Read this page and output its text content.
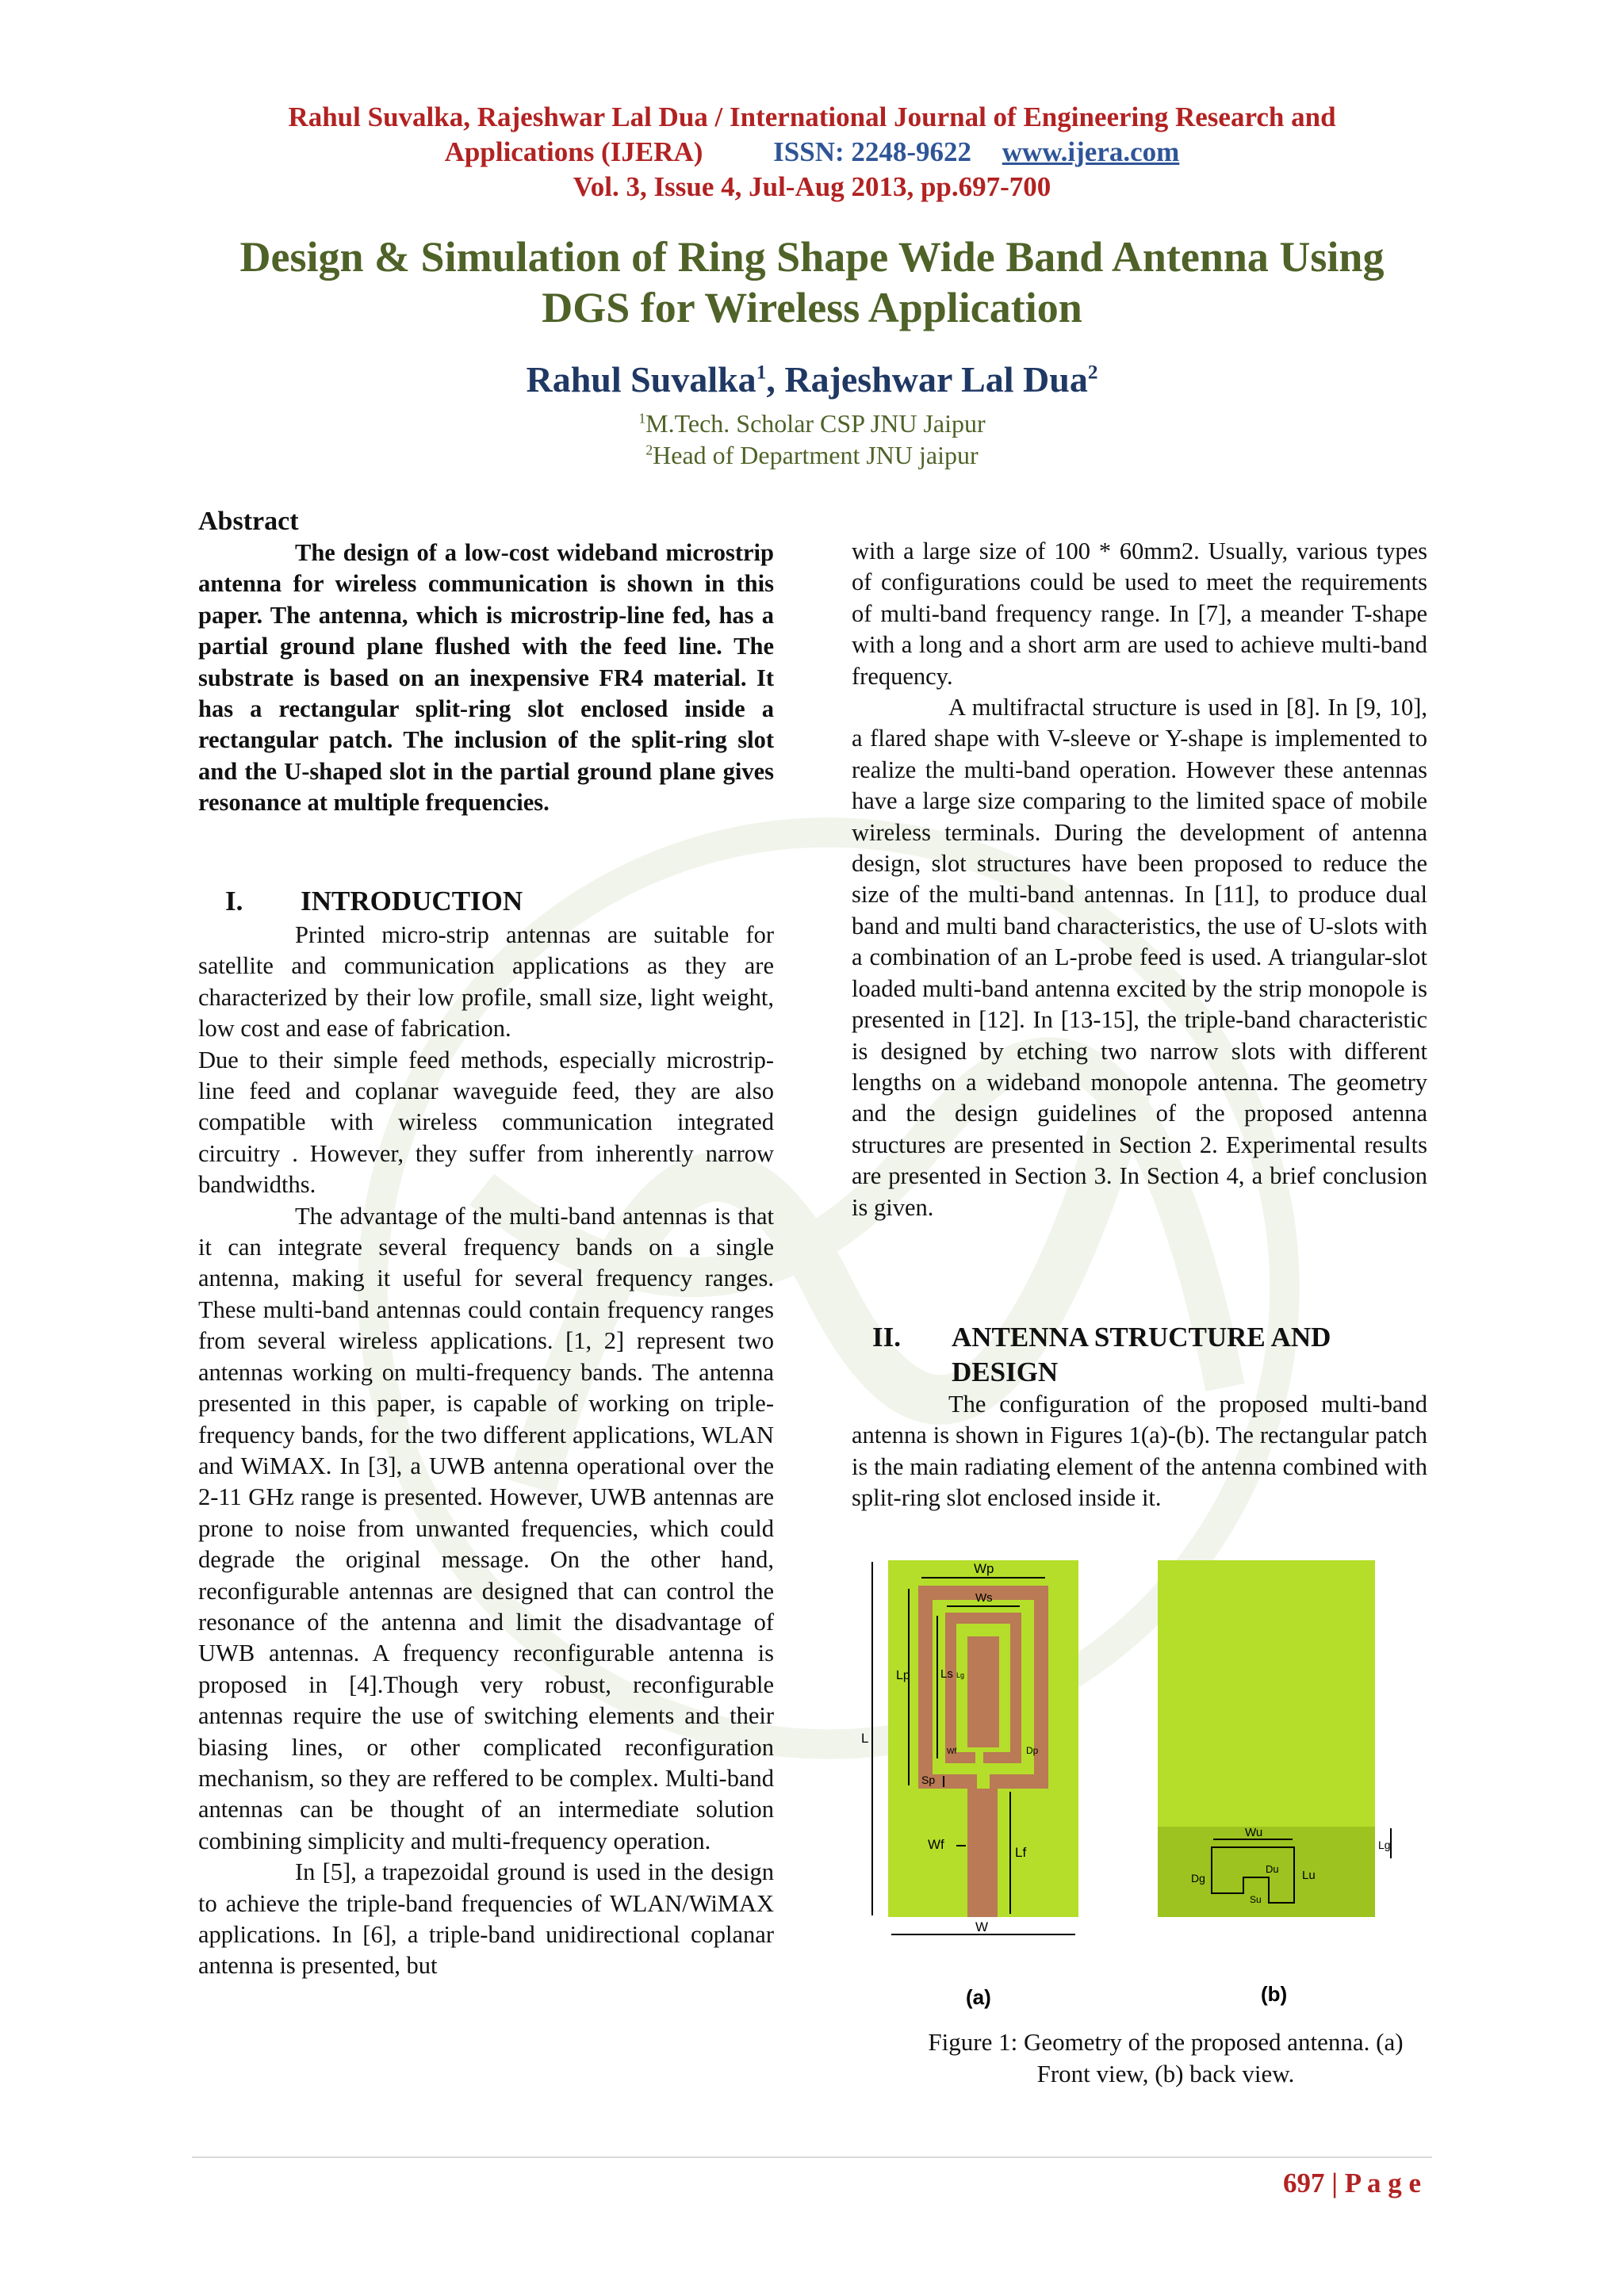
Rahul Suvalka, Rajeshwar Lal Dua / International Journal of Engineering Research and
Applications (IJERA)	ISSN: 2248-9622 www.ijera.com
Vol. 3, Issue 4, Jul-Aug 2013, pp.697-700
Design & Simulation of Ring Shape Wide Band Antenna Using
DGS for Wireless Application
Rahul Suvalka$^1$, Rajeshwar Lal Dua$^2$
$^1$M.Tech. Scholar CSP JNU Jaipur
$^2$Head of Department JNU jaipur
Abstract

The design of a low-cost wideband microstrip antenna for wireless communication is shown in this paper. The antenna, which is microstrip-line fed, has a partial ground plane flushed with the feed line. The substrate is based on an inexpensive FR4 material. It has a rectangular split-ring slot enclosed inside a rectangular patch. The inclusion of the split-ring slot and the U-shaped slot in the partial ground plane gives resonance at multiple frequencies.

I. INTRODUCTION

Printed micro-strip antennas are suitable for satellite and communication applications as they are characterized by their low profile, small size, light weight, low cost and ease of fabrication.

Due to their simple feed methods, especially microstrip-line feed and coplanar waveguide feed, they are also compatible with wireless communication integrated circuitry . However, they suffer from inherently narrow bandwidths.

The advantage of the multi-band antennas is that it can integrate several frequency bands on a single antenna, making it useful for several frequency ranges. These multi-band antennas could contain frequency ranges from several wireless applications. [1, 2] represent two antennas working on multi-frequency bands. The antenna presented in this paper, is capable of working on triple-frequency bands, for the two different applications, WLAN and WiMAX. In [3], a UWB antenna operational over the 2-11 GHz range is presented. However, UWB antennas are prone to noise from unwanted frequencies, which could degrade the original message. On the other hand, reconfigurable antennas are designed that can control the resonance of the antenna and limit the disadvantage of UWB antennas. A frequency reconfigurable antenna is proposed in [4].Though very robust, reconfigurable antennas require the use of switching elements and their biasing lines, or other complicated reconfiguration mechanism, so they are reffered to be complex. Multi-band antennas can be thought of an intermediate solution combining simplicity and multi-frequency operation.

In [5], a trapezoidal ground is used in the design to achieve the triple-band frequencies of WLAN/WiMAX applications. In [6], a triple-band unidirectional coplanar antenna is presented, but

with a large size of 100 * 60mm2. Usually, various types of configurations could be used to meet the requirements of multi-band frequency range. In [7], a meander T-shape with a long and a short arm are used to achieve multi-band frequency.

A multifractal structure is used in [8]. In [9, 10], a flared shape with V-sleeve or Y-shape is implemented to realize the multi-band operation. However these antennas have a large size comparing to the limited space of mobile wireless terminals. During the development of antenna design, slot structures have been proposed to reduce the size of the multi-band antennas. In [11], to produce dual band and multi band characteristics, the use of U-slots with a combination of an L-probe feed is used. A triangular-slot loaded multi-band antenna excited by the strip monopole is presented in [12]. In [13-15], the triple-band characteristic is designed by etching two narrow slots with different lengths on a wideband monopole antenna. The geometry and the design guidelines of the proposed antenna structures are presented in Section 2. Experimental results are presented in Section 3. In Section 4, a brief conclusion is given.

II. ANTENNA STRUCTURE AND
DESIGN

The configuration of the proposed multi-band antenna is shown in Figures 1(a)-(b). The rectangular patch is the main radiating element of the antenna combined with split-ring slot enclosed inside it.

Wp
Ws
Lp	Ls Lg
L
Wf	Dp
Sp
Wf
Lf
W
Wu
Du
Dg	Lu
Su
Lg
(a)	(b)
Figure 1: Geometry of the proposed antenna. (a)
Front view, (b) back view.
697 | P a g e
